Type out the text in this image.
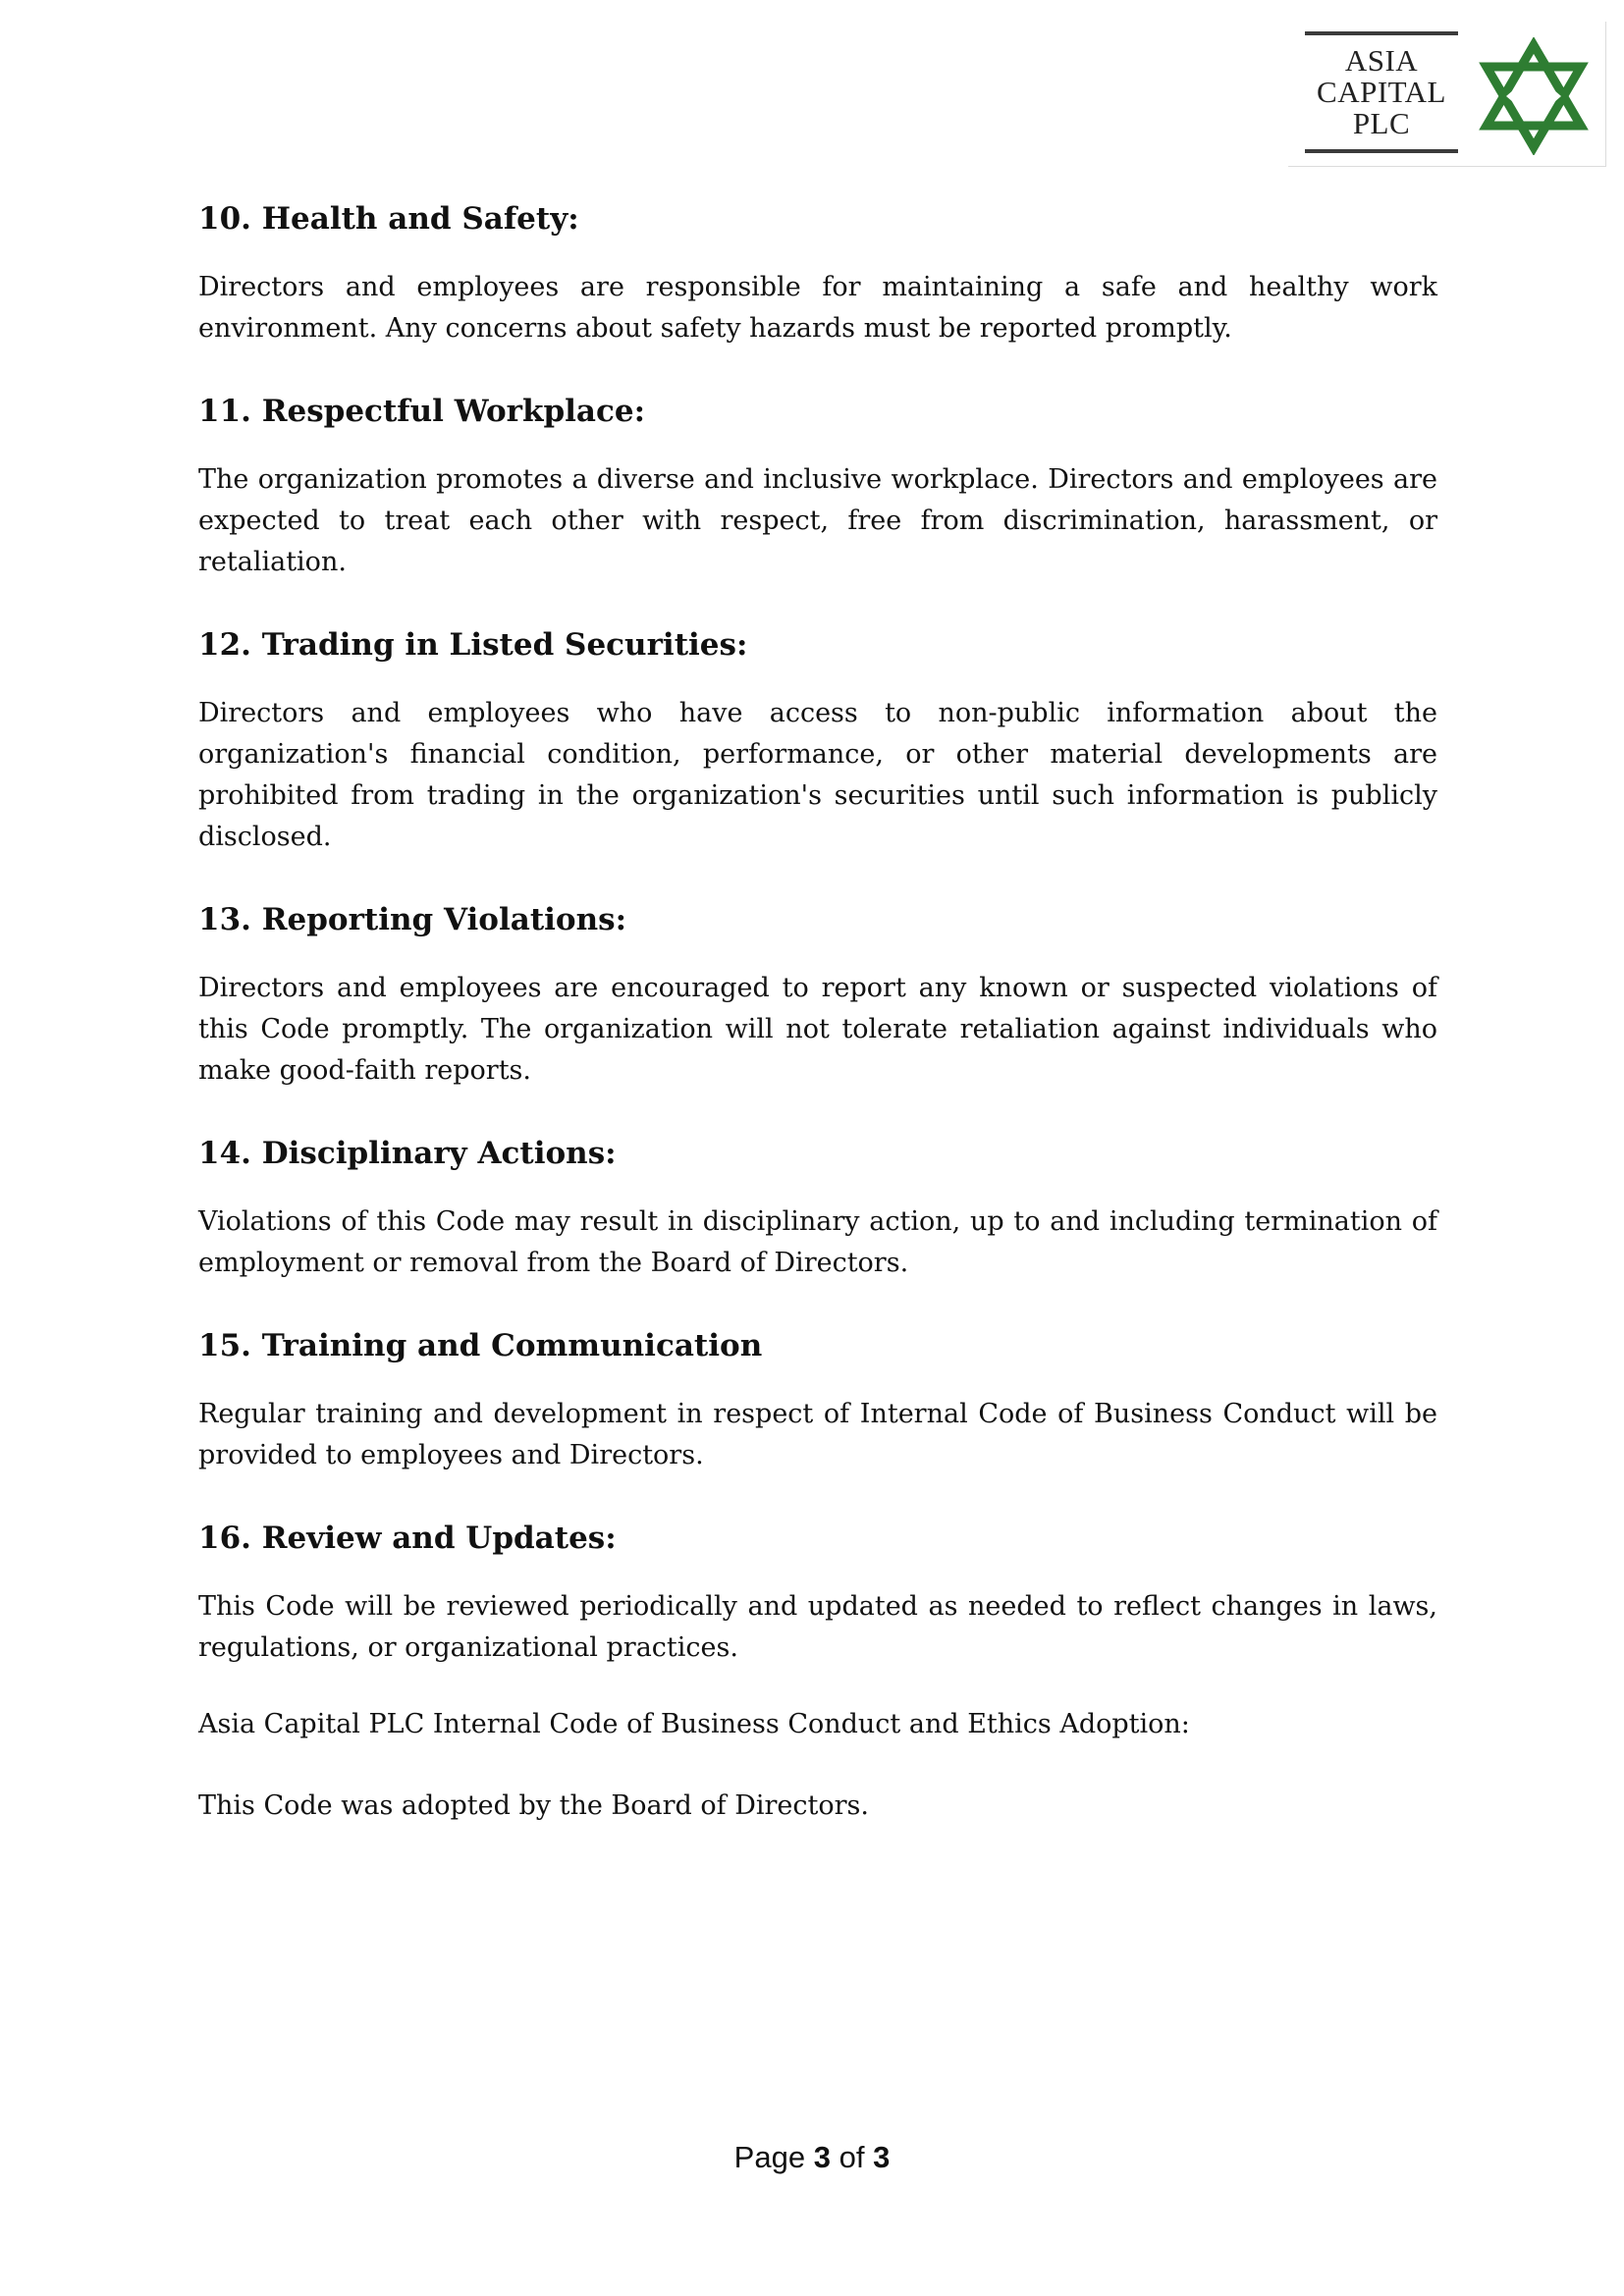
ASIA
CAPITAL
PLC
10. Health and Safety:

Directors and employees are responsible for maintaining a safe and healthy work environment. Any concerns about safety hazards must be reported promptly.

11. Respectful Workplace:

The organization promotes a diverse and inclusive workplace. Directors and employees are expected to treat each other with respect, free from discrimination, harassment, or retaliation.

12. Trading in Listed Securities:

Directors and employees who have access to non-public information about the organization's financial condition, performance, or other material developments are prohibited from trading in the organization's securities until such information is publicly disclosed.

13. Reporting Violations:

Directors and employees are encouraged to report any known or suspected violations of this Code promptly. The organization will not tolerate retaliation against individuals who make good-faith reports.

14. Disciplinary Actions:

Violations of this Code may result in disciplinary action, up to and including termination of employment or removal from the Board of Directors.

15. Training and Communication

Regular training and development in respect of Internal Code of Business Conduct will be provided to employees and Directors.

16. Review and Updates:

This Code will be reviewed periodically and updated as needed to reflect changes in laws, regulations, or organizational practices.

Asia Capital PLC Internal Code of Business Conduct and Ethics Adoption:

This Code was adopted by the Board of Directors.

Page 3 of 3
